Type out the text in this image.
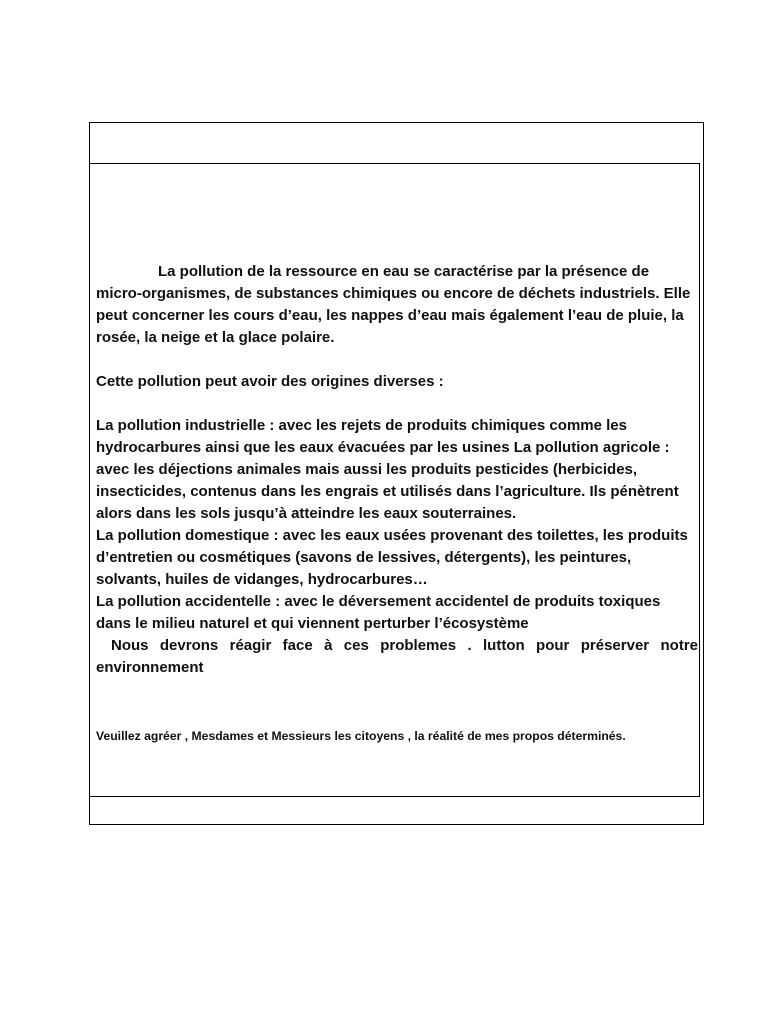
La pollution de la ressource en eau se caractérise par la présence de micro-organismes, de substances chimiques ou encore de déchets industriels. Elle peut concerner les cours d’eau, les nappes d’eau mais également l’eau de pluie, la rosée, la neige et la glace polaire.

Cette pollution peut avoir des origines diverses :

La pollution industrielle : avec les rejets de produits chimiques comme les hydrocarbures ainsi que les eaux évacuées par les usines La pollution agricole : avec les déjections animales mais aussi les produits pesticides (herbicides, insecticides, contenus dans les engrais et utilisés dans l’agriculture. Ils pénètrent alors dans les sols jusqu’à atteindre les eaux souterraines.

La pollution domestique : avec les eaux usées provenant des toilettes, les produits d’entretien ou cosmétiques (savons de lessives, détergents), les peintures, solvants, huiles de vidanges, hydrocarbures…

La pollution accidentelle : avec le déversement accidentel de produits toxiques dans le milieu naturel et qui viennent perturber l’écosystème

Nous devrons réagir face à ces problemes . lutton pour préserver notre environnement

Veuillez agréer , Mesdames et Messieurs les citoyens , la réalité de mes propos déterminés.
